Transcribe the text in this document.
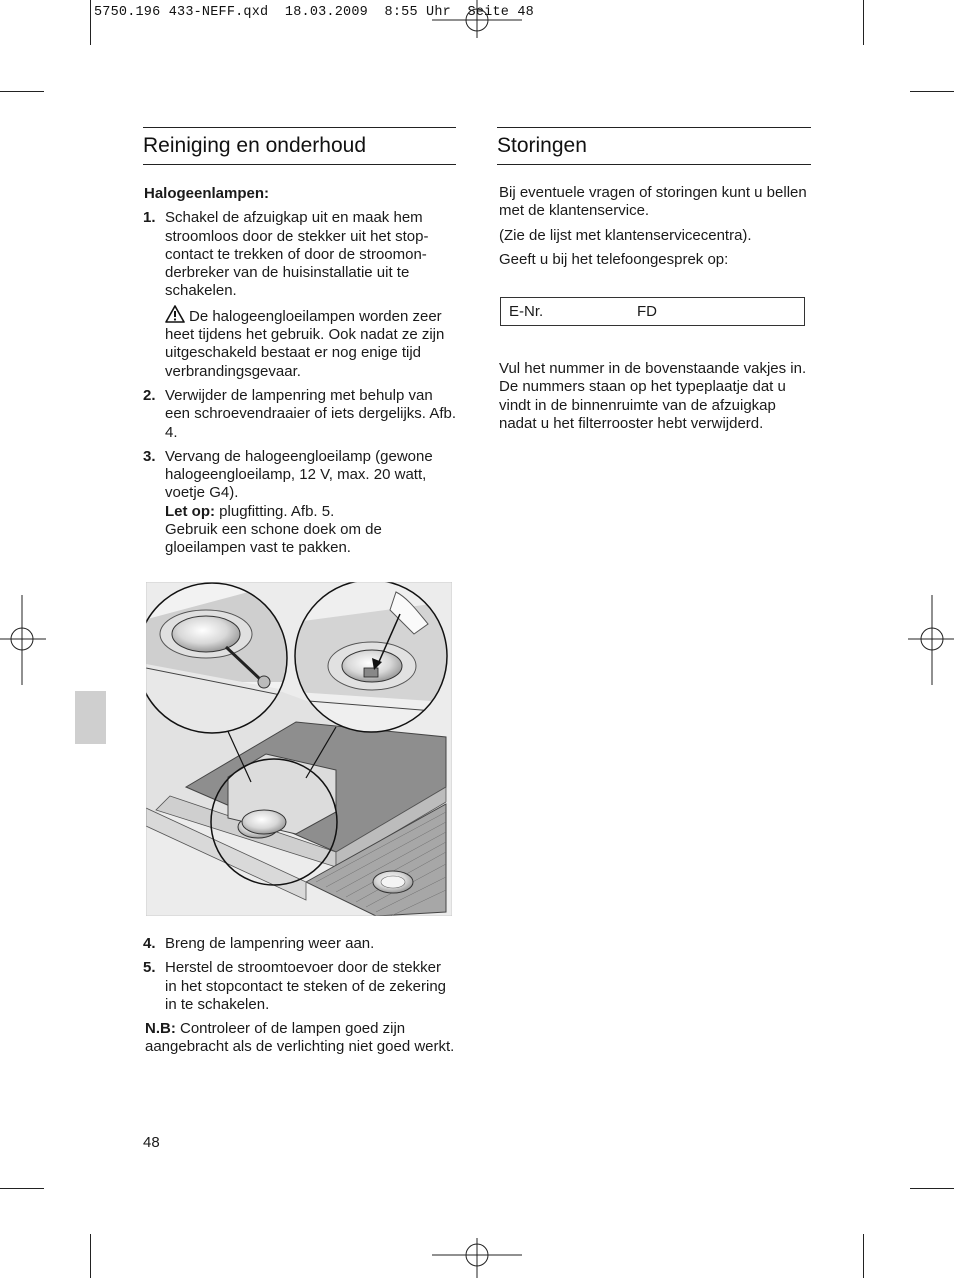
5750.196 433-NEFF.qxd  18.03.2009  8:55 Uhr  Seite 48
Reiniging en onderhoud
Halogeenlampen:
1. Schakel de afzuigkap uit en maak hem stroomloos door de stekker uit het stop-contact te trekken of door de stroomon-derbreker van de huisinstallatie uit te schakelen.
De halogeengloeilampen worden zeer heet tijdens het gebruik. Ook nadat ze zijn uitgeschakeld bestaat er nog enige tijd verbrandingsgevaar.
2. Verwijder de lampenring met behulp van een schroevendraaier of iets dergelijks. Afb. 4.
3. Vervang de halogeengloeilamp (gewone halogeengloeilamp, 12 V, max. 20 watt, voetje G4).
Let op: plugfitting. Afb. 5.
Gebruik een schone doek om de gloeilampen vast te pakken.
4. Breng de lampenring weer aan.
5. Herstel de stroomtoevoer door de stekker in het stopcontact te steken of de zekering in te schakelen.
N.B: Controleer of de lampen goed zijn aangebracht als de verlichting niet goed werkt.
Storingen
Bij eventuele vragen of storingen kunt u bellen met de klantenservice.
(Zie de lijst met klantenservicecentra).
Geeft u bij het telefoongesprek op:
E-Nr.	FD
Vul het nummer in de bovenstaande vakjes in. De nummers staan op het typeplaatje dat u vindt in de binnenruimte van de afzuigkap nadat u het filterrooster hebt verwijderd.
48
